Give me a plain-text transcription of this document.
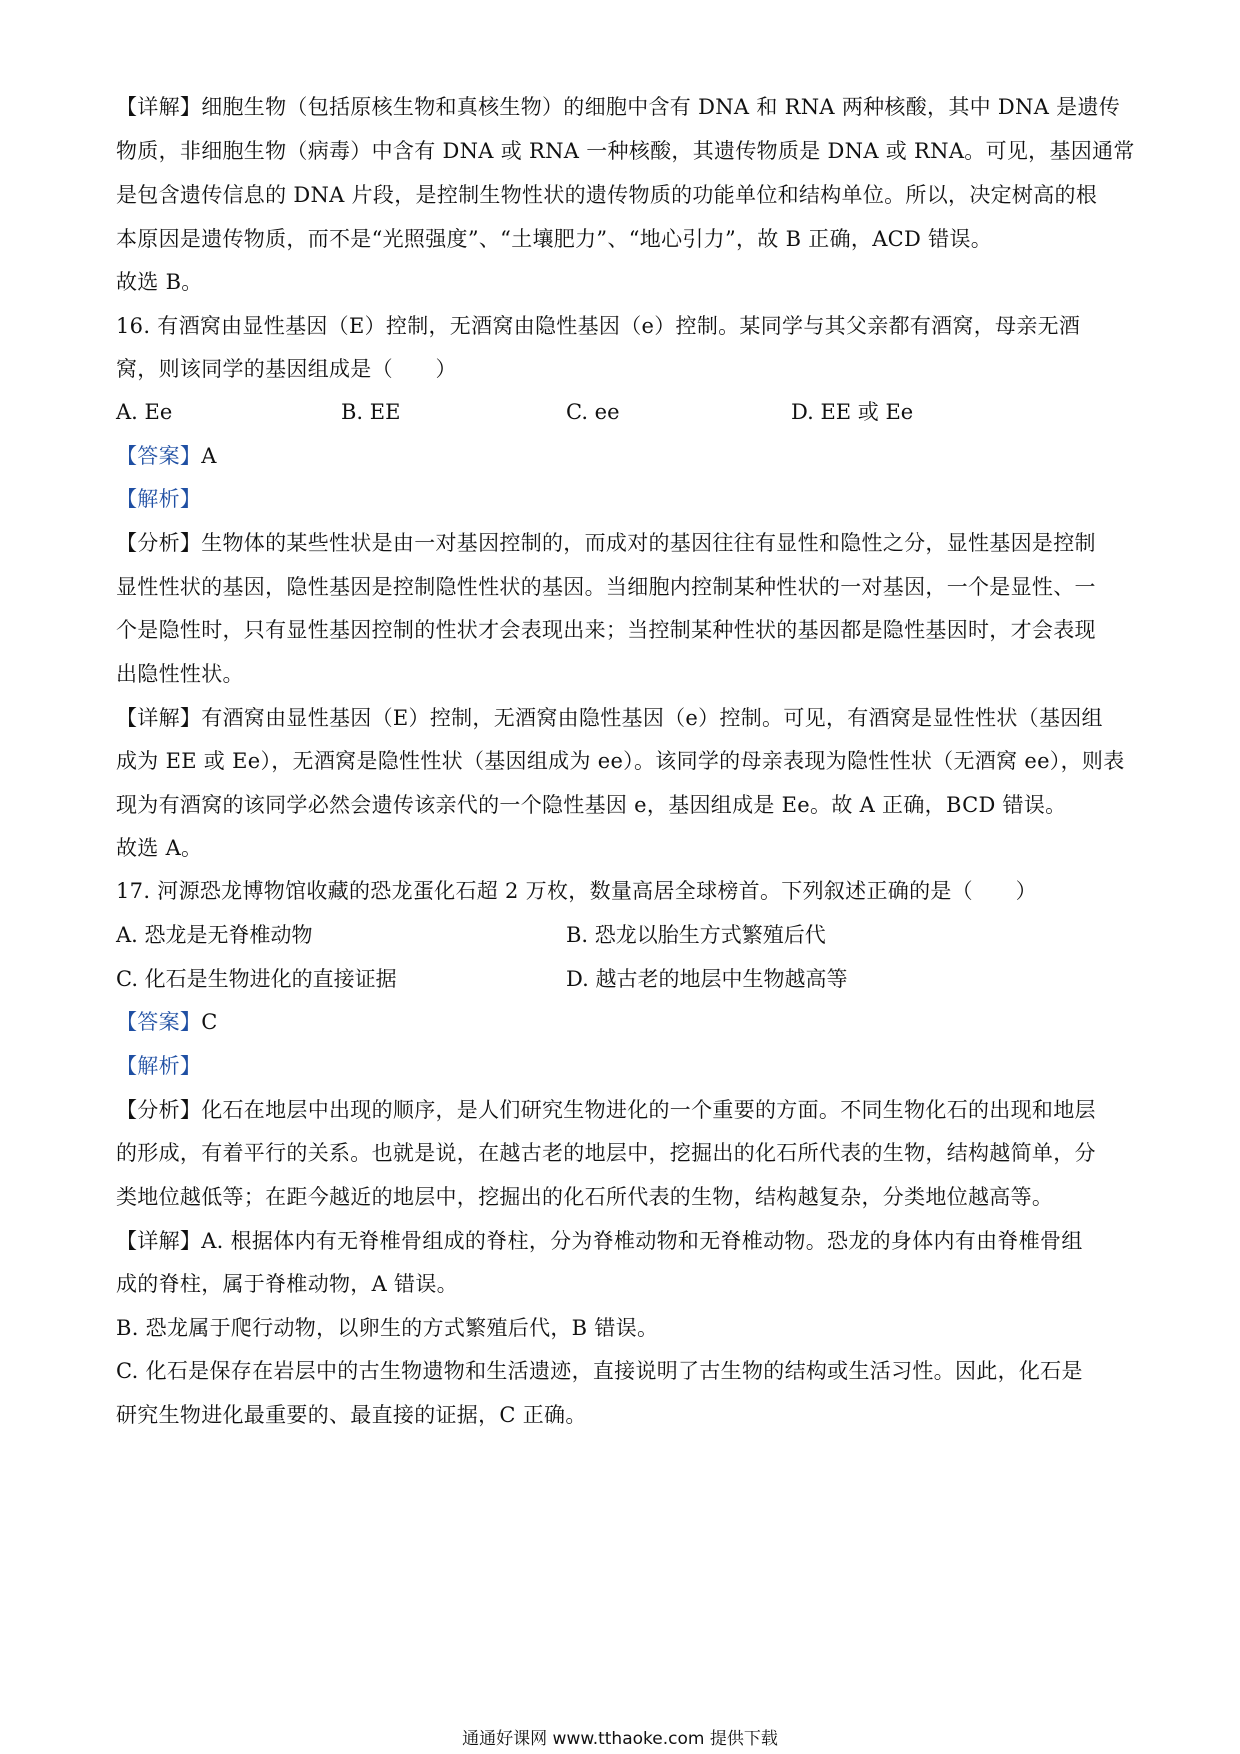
【详解】细胞生物（包括原核生物和真核生物）的细胞中含有 DNA 和 RNA 两种核酸，其中 DNA 是遗传
物质，非细胞生物（病毒）中含有 DNA 或 RNA 一种核酸，其遗传物质是 DNA 或 RNA。可见，基因通常
是包含遗传信息的 DNA 片段，是控制生物性状的遗传物质的功能单位和结构单位。所以，决定树高的根
本原因是遗传物质，而不是“光照强度”、“土壤肥力”、“地心引力”，故 B 正确，ACD 错误。
故选 B。
16. 有酒窝由显性基因（E）控制，无酒窝由隐性基因（e）控制。某同学与其父亲都有酒窝，母亲无酒
窝，则该同学的基因组成是（　　）
A. Ee	B. EE	C. ee	D. EE 或 Ee
【答案】A
【解析】
【分析】生物体的某些性状是由一对基因控制的，而成对的基因往往有显性和隐性之分，显性基因是控制
显性性状的基因，隐性基因是控制隐性性状的基因。当细胞内控制某种性状的一对基因，一个是显性、一
个是隐性时，只有显性基因控制的性状才会表现出来；当控制某种性状的基因都是隐性基因时，才会表现
出隐性性状。
【详解】有酒窝由显性基因（E）控制，无酒窝由隐性基因（e）控制。可见，有酒窝是显性性状（基因组
成为 EE 或 Ee），无酒窝是隐性性状（基因组成为 ee）。该同学的母亲表现为隐性性状（无酒窝 ee），则表
现为有酒窝的该同学必然会遗传该亲代的一个隐性基因 e，基因组成是 Ee。故 A 正确，BCD 错误。
故选 A。
17. 河源恐龙博物馆收藏的恐龙蛋化石超 2 万枚，数量高居全球榜首。下列叙述正确的是（　　）
A. 恐龙是无脊椎动物	B. 恐龙以胎生方式繁殖后代
C. 化石是生物进化的直接证据	D. 越古老的地层中生物越高等
【答案】C
【解析】
【分析】化石在地层中出现的顺序，是人们研究生物进化的一个重要的方面。不同生物化石的出现和地层
的形成，有着平行的关系。也就是说，在越古老的地层中，挖掘出的化石所代表的生物，结构越简单，分
类地位越低等；在距今越近的地层中，挖掘出的化石所代表的生物，结构越复杂，分类地位越高等。
【详解】A. 根据体内有无脊椎骨组成的脊柱，分为脊椎动物和无脊椎动物。恐龙的身体内有由脊椎骨组
成的脊柱，属于脊椎动物，A 错误。
B. 恐龙属于爬行动物，以卵生的方式繁殖后代，B 错误。
C. 化石是保存在岩层中的古生物遗物和生活遗迹，直接说明了古生物的结构或生活习性。因此，化石是
研究生物进化最重要的、最直接的证据，C 正确。
通通好课网 www.tthaoke.com 提供下载
